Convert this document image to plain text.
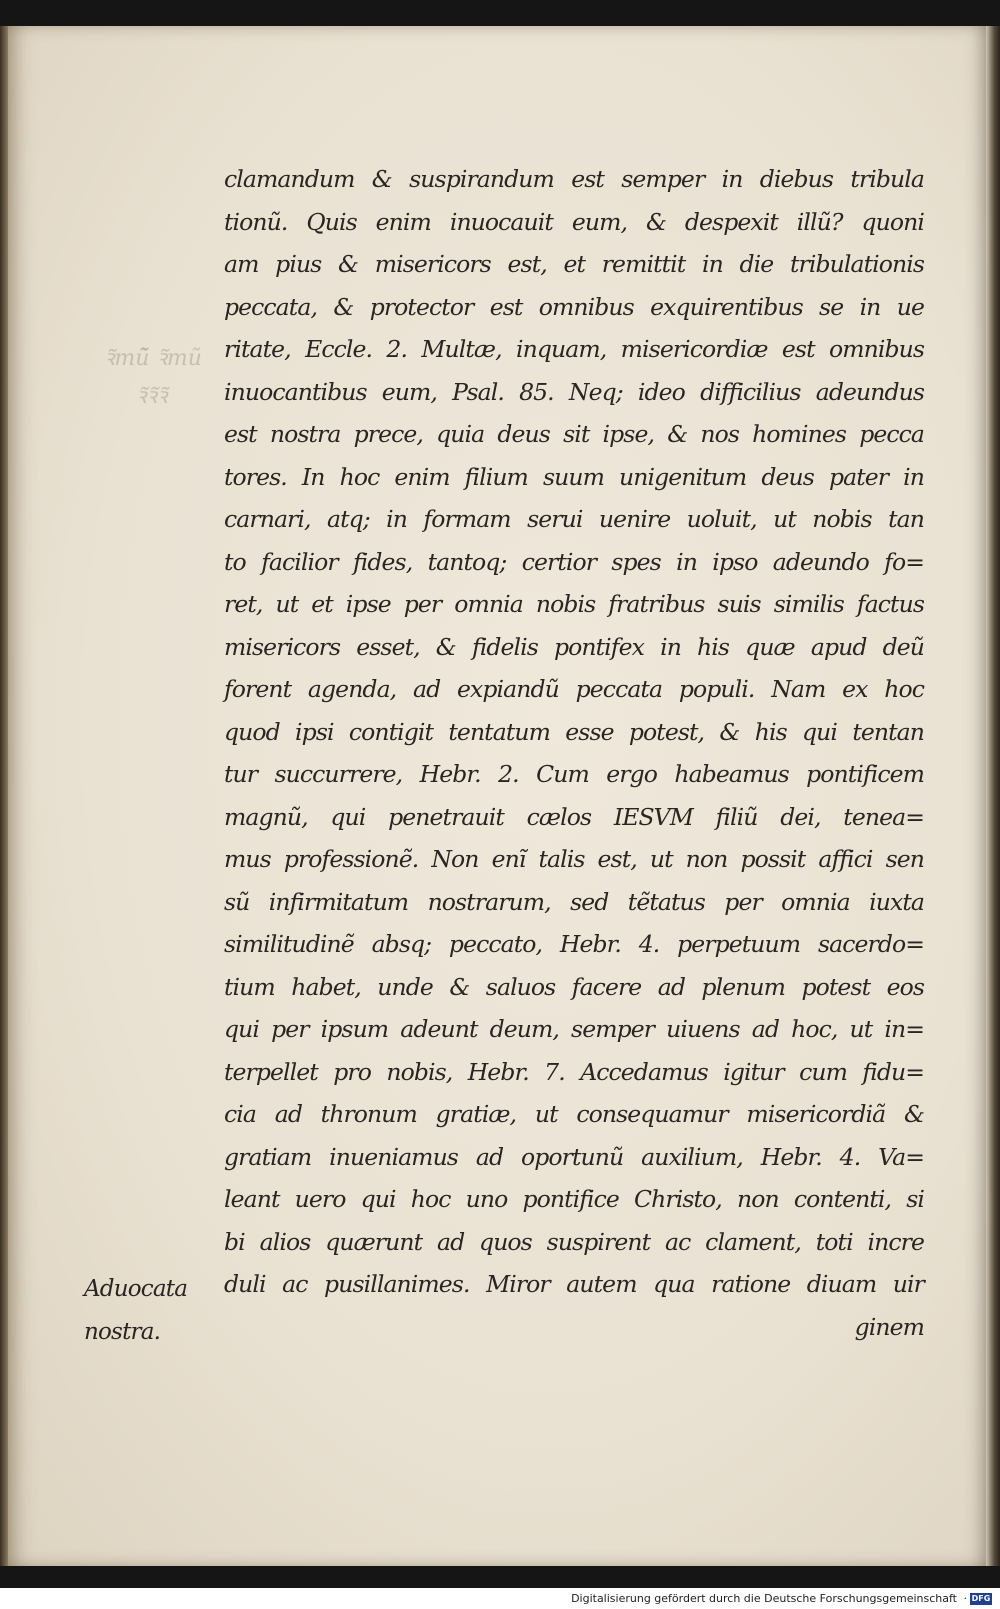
ꝛ̃mũ̃ ꝛ̃mũ
ꝛ̃ꝛ̃ꝛ̃
clamandum & suspirandum est semper in diebus tribula
tionũ. Quis enim inuocauit eum, & despexit illũ? quoni
am pius & misericors est, et remittit in die tribulationis
peccata, & protector est omnibus exquirentibus se in ue
ritate, Eccle. 2. Multæ, inquam, misericordiæ est omnibus
inuocantibus eum, Psal. 85. Neq; ideo difficilius adeundus
est nostra prece, quia deus sit ipse, & nos homines pecca
tores. In hoc enim filium suum unigenitum deus pater in
carnari, atq; in formam serui uenire uoluit, ut nobis tan
to facilior fides, tantoq; certior spes in ipso adeundo fo=
ret, ut et ipse per omnia nobis fratribus suis similis factus
misericors esset, & fidelis pontifex in his quæ apud deũ
forent agenda, ad expiandũ peccata populi. Nam ex hoc
quod ipsi contigit tentatum esse potest, & his qui tentan
tur succurrere, Hebr. 2. Cum ergo habeamus pontificem
magnũ, qui penetrauit cælos IESVM filiũ dei, tenea=
mus professionẽ. Non enĩ talis est, ut non possit affici sen
sũ infirmitatum nostrarum, sed tẽtatus per omnia iuxta
similitudinẽ absq; peccato, Hebr. 4. perpetuum sacerdo=
tium habet, unde & saluos facere ad plenum potest eos
qui per ipsum adeunt deum, semper uiuens ad hoc, ut in=
terpellet pro nobis, Hebr. 7. Accedamus igitur cum fidu=
cia ad thronum gratiæ, ut consequamur misericordiã &
gratiam inueniamus ad oportunũ auxilium, Hebr. 4. Va=
leant uero qui hoc uno pontifice Christo, non contenti, si
bi alios quærunt ad quos suspirent ac clament, toti incre
duli ac pusillanimes. Miror autem qua ratione diuam uir
ginem
Aduocata
nostra.
Digitalisierung gefördert durch die Deutsche Forschungsgemeinschaft · DFG
